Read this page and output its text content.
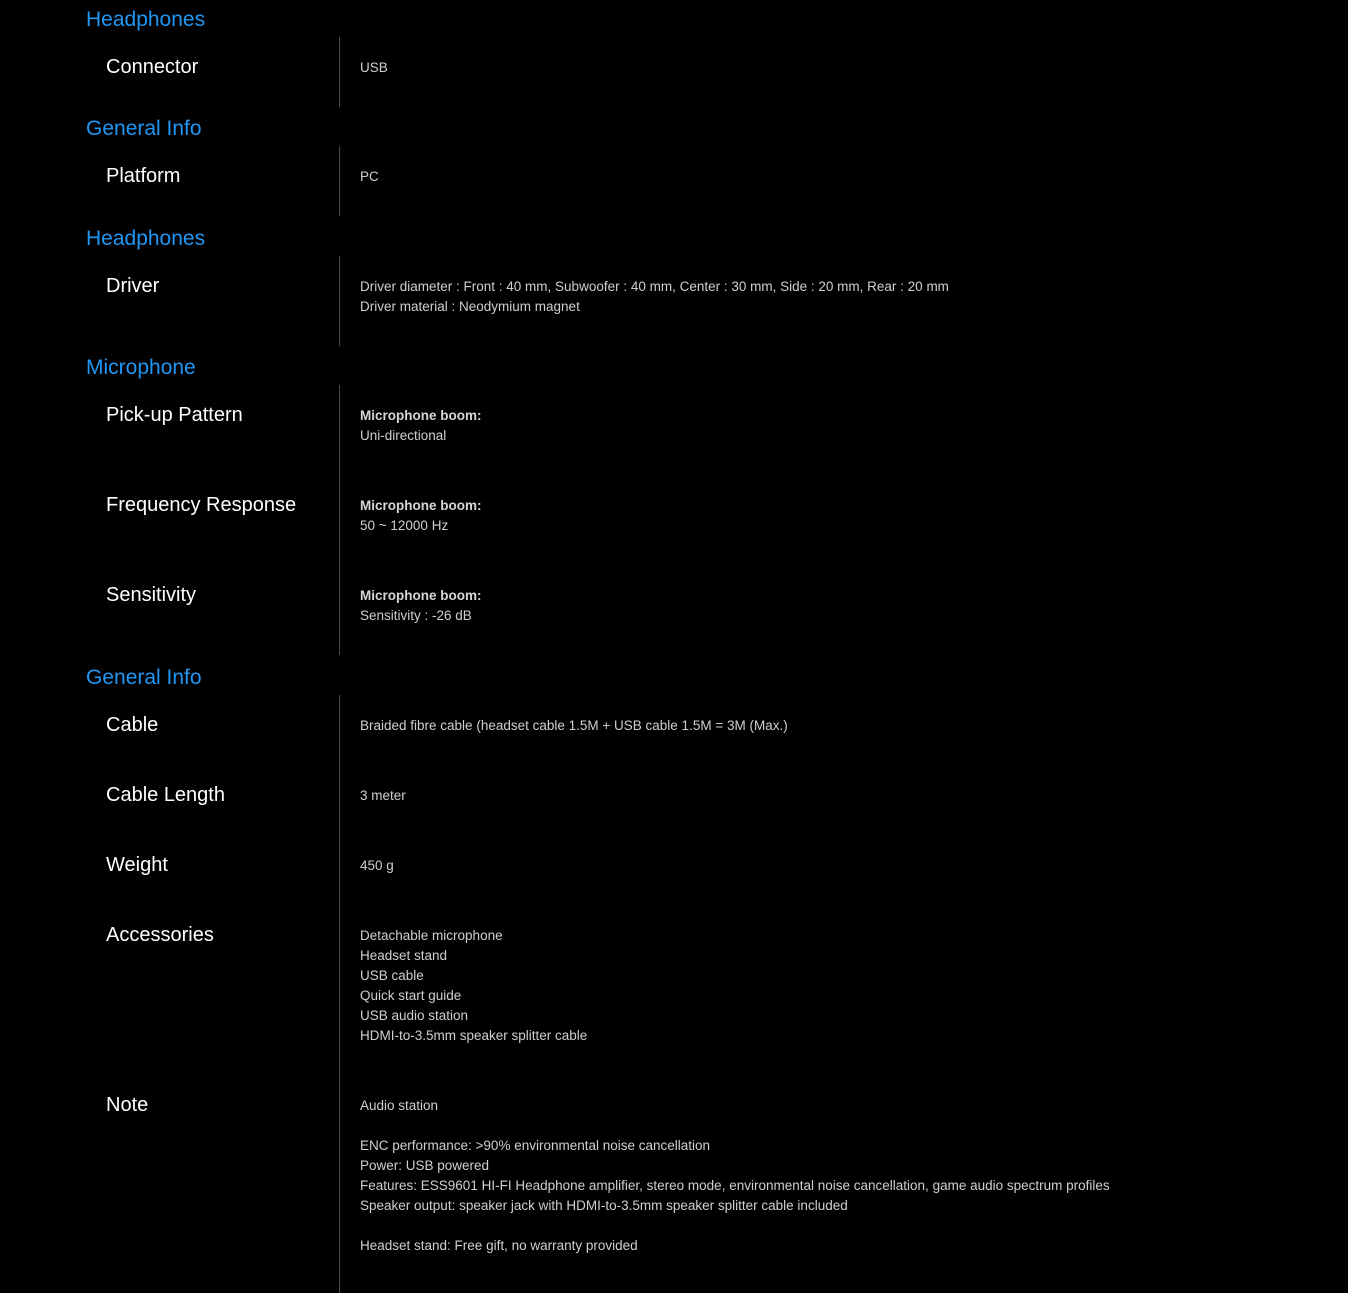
Headphones
Connector	USB
General Info
Platform	PC
Headphones
Driver	Driver diameter : Front : 40 mm, Subwoofer : 40 mm, Center : 30 mm, Side : 20 mm, Rear : 20 mm
Driver material : Neodymium magnet
Microphone
Pick-up Pattern	Microphone boom:
Uni-directional
Frequency Response	Microphone boom:
50 ~ 12000 Hz
Sensitivity	Microphone boom:
Sensitivity : -26 dB
General Info
Cable	Braided fibre cable (headset cable 1.5M + USB cable 1.5M = 3M (Max.)
Cable Length	3 meter
Weight	450 g
Accessories	Detachable microphone
Headset stand
USB cable
Quick start guide
USB audio station
HDMI-to-3.5mm speaker splitter cable
Note	Audio station
ENC performance: >90% environmental noise cancellation
Power: USB powered
Features: ESS9601 HI-FI Headphone amplifier, stereo mode, environmental noise cancellation, game audio spectrum profiles
Speaker output: speaker jack with HDMI-to-3.5mm speaker splitter cable included
Headset stand: Free gift, no warranty provided
